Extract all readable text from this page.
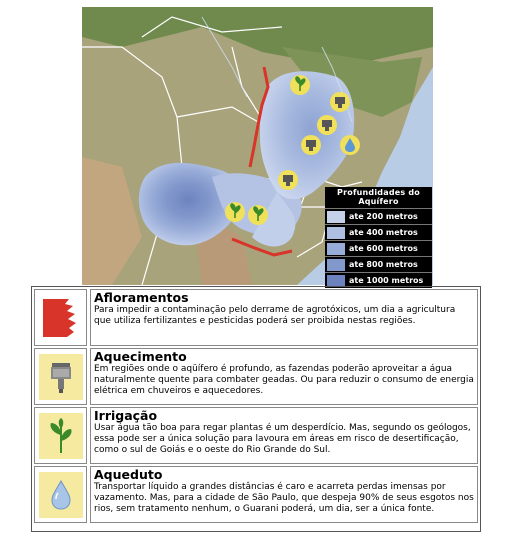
Profundidades do
Aquífero
ate 200 metros
ate 400 metros
ate 600 metros
ate 800 metros
ate 1000 metros
Afloramentos
Para impedir a contaminação pelo derrame de agrotóxicos, um dia a agricultura que utiliza fertilizantes e pesticidas poderá ser proibida nestas regiões.
Aquecimento
Em regiões onde o aqüífero é profundo, as fazendas poderão aproveitar a água naturalmente quente para combater geadas. Ou para reduzir o consumo de energia elétrica em chuveiros e aquecedores.
Irrigação
Usar água tão boa para regar plantas é um desperdício. Mas, segundo os geólogos, essa pode ser a única solução para lavoura em áreas em risco de desertificação, como o sul de Goiás e o oeste do Rio Grande do Sul.
Aqueduto
Transportar líquido a grandes distâncias é caro e acarreta perdas imensas por vazamento. Mas, para a cidade de São Paulo, que despeja 90% de seus esgotos nos rios, sem tratamento nenhum, o Guarani poderá, um dia, ser a única fonte.
